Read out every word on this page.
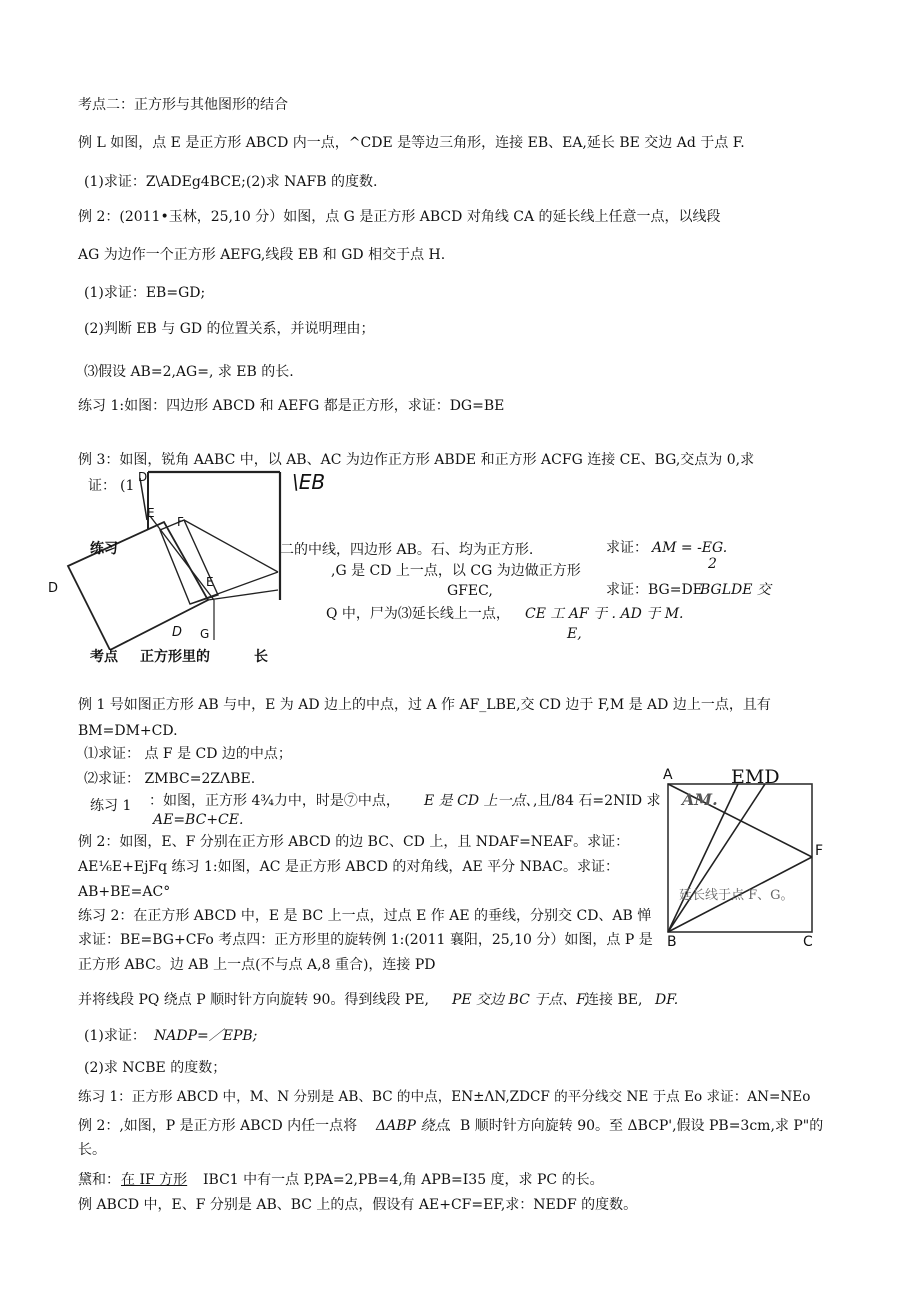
考点二：正方形与其他图形的结合
例 L 如图，点 E 是正方形 ABCD 内一点，^CDE 是等边三角形，连接 EB、EA,延长 BE 交边 Ad 于点 F.
(1)求证：Z\ADEg4BCE;(2)求 NAFB 的度数.
例 2：(2011•玉林，25,10 分）如图，点 G 是正方形 ABCD 对角线 CA 的延长线上任意一点，以线段
AG 为边作一个正方形 AEFG,线段 EB 和 GD 相交于点 H.
(1)求证：EB=GD;
(2)判断 EB 与 GD 的位置关系，并说明理由；
⑶假设 AB=2,AG=, 求 EB 的长.
练习 1:如图：四边形 ABCD 和 AEFG 都是正方形，求证：DG=BE
例 3：如图，锐角 AABC 中，以 AB、AC 为边作正方形 ABDE 和正方形 ACFG 连接 CE、BG,交点为 0,求
证： (1	\EB
二的中线，四边形 AB。石、均为正方形.	求证： AM = -EG.
2
,G 是 CD 上一点，以 CG 为边做正方形
GFEC,	求证：BG=DE
BGLDE 交
Q 中，尸为⑶延长线上一点， CE 工 AF 于 . AD 于 M.
E,
例 1 号如图正方形 AB 与中，E 为 AD 边上的中点，过 A 作 AF_LBE,交 CD 边于 F,M 是 AD 边上一点，且有
BM=DM+CD.
⑴求证： 点 F 是 CD 边的中点；
⑵求证： ZMBC=2ZΛBE.
练习 1 ：如图，正方形 4¾力中，时是⑦中点， E 是 CD 上一点、
,且/84 石=2NID 求
AE=BC+CE.
例 2：如图，E、F 分别在正方形 ABCD 的边 BC、CD 上，且 NDAF=NEAF。求证：
AE⅙E+EjFq 练习 1:如图，AC 是正方形 ABCD 的对角线，AE 平分 NBAC。求证：
AB+BE=AC°
练习 2：在正方形 ABCD 中，E 是 BC 上一点，过点 E 作 AE 的垂线，分别交 CD、AB 惮
求证：BE=BG+CFo 考点四：正方形里的旋转例 1:(2011 襄阳，25,10 分）如图，点 P 是
正方形 ABC。边 AB 上一点(不与点 A,8 重合)，连接 PD
并将线段 PQ 绕点 P 顺时针方向旋转 90。得到线段 PE, PE 交边 BC 于点、F,
连接 BE, DF.
(1)求证： NADP=／EPB;
(2)求 NCBE 的度数；
练习 1：正方形 ABCD 中，M、N 分别是 AB、BC 的中点，EN±ΛN,ZDCF 的平分线交 NE 于点 Eo 求证：AN=NEo
例 2：,如图，P 是正方形 ABCD 内任一点将 ΔABP 绕点
、B 顺时针方向旋转 90。至 ΔBCP',假设 PB=3cm,求 P"的
长。
黛和： 在 IF 方形 IBC1 中有一点 P,PA=2,PB=4,角 APB=I35 度，求 PC 的长。
例 ABCD 中，E、F 分别是 AB、BC 上的点，假设有 AE+CF=EF,求：NEDF 的度数。
D
E
F
D	E
D G
练习
考点 正方形里的	长
A	EMD
AM.
F
延长线于点 F、G。
B	C
